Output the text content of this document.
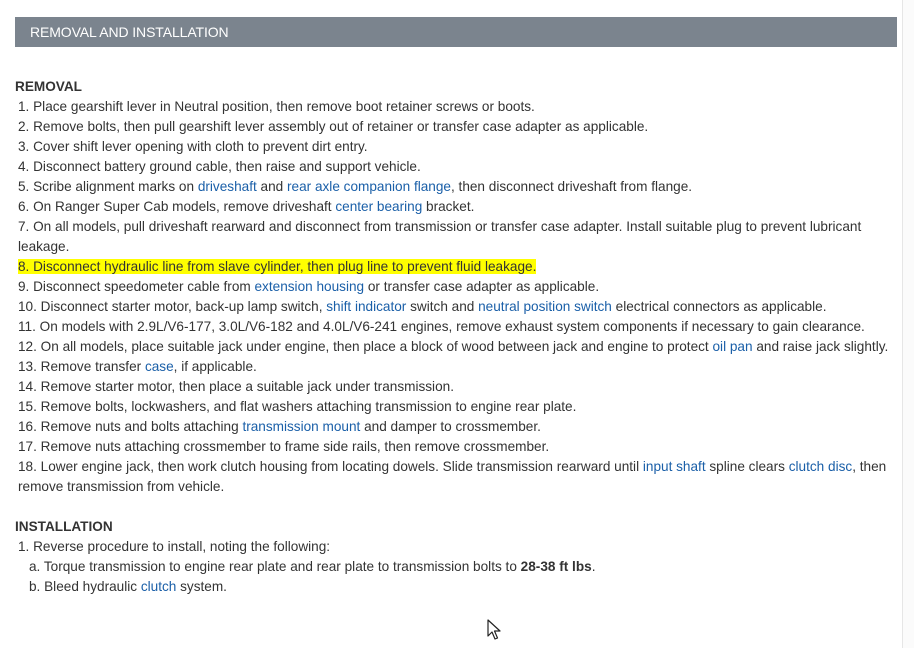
REMOVAL AND INSTALLATION
REMOVAL
1. Place gearshift lever in Neutral position, then remove boot retainer screws or boots.
2. Remove bolts, then pull gearshift lever assembly out of retainer or transfer case adapter as applicable.
3. Cover shift lever opening with cloth to prevent dirt entry.
4. Disconnect battery ground cable, then raise and support vehicle.
5. Scribe alignment marks on driveshaft and rear axle companion flange, then disconnect driveshaft from flange.
6. On Ranger Super Cab models, remove driveshaft center bearing bracket.
7. On all models, pull driveshaft rearward and disconnect from transmission or transfer case adapter. Install suitable plug to prevent lubricant leakage.
8. Disconnect hydraulic line from slave cylinder, then plug line to prevent fluid leakage.
9. Disconnect speedometer cable from extension housing or transfer case adapter as applicable.
10. Disconnect starter motor, back-up lamp switch, shift indicator switch and neutral position switch electrical connectors as applicable.
11. On models with 2.9L/V6-177, 3.0L/V6-182 and 4.0L/V6-241 engines, remove exhaust system components if necessary to gain clearance.
12. On all models, place suitable jack under engine, then place a block of wood between jack and engine to protect oil pan and raise jack slightly.
13. Remove transfer case, if applicable.
14. Remove starter motor, then place a suitable jack under transmission.
15. Remove bolts, lockwashers, and flat washers attaching transmission to engine rear plate.
16. Remove nuts and bolts attaching transmission mount and damper to crossmember.
17. Remove nuts attaching crossmember to frame side rails, then remove crossmember.
18. Lower engine jack, then work clutch housing from locating dowels. Slide transmission rearward until input shaft spline clears clutch disc, then remove transmission from vehicle.
INSTALLATION
1. Reverse procedure to install, noting the following:
a. Torque transmission to engine rear plate and rear plate to transmission bolts to 28-38 ft lbs.
b. Bleed hydraulic clutch system.
